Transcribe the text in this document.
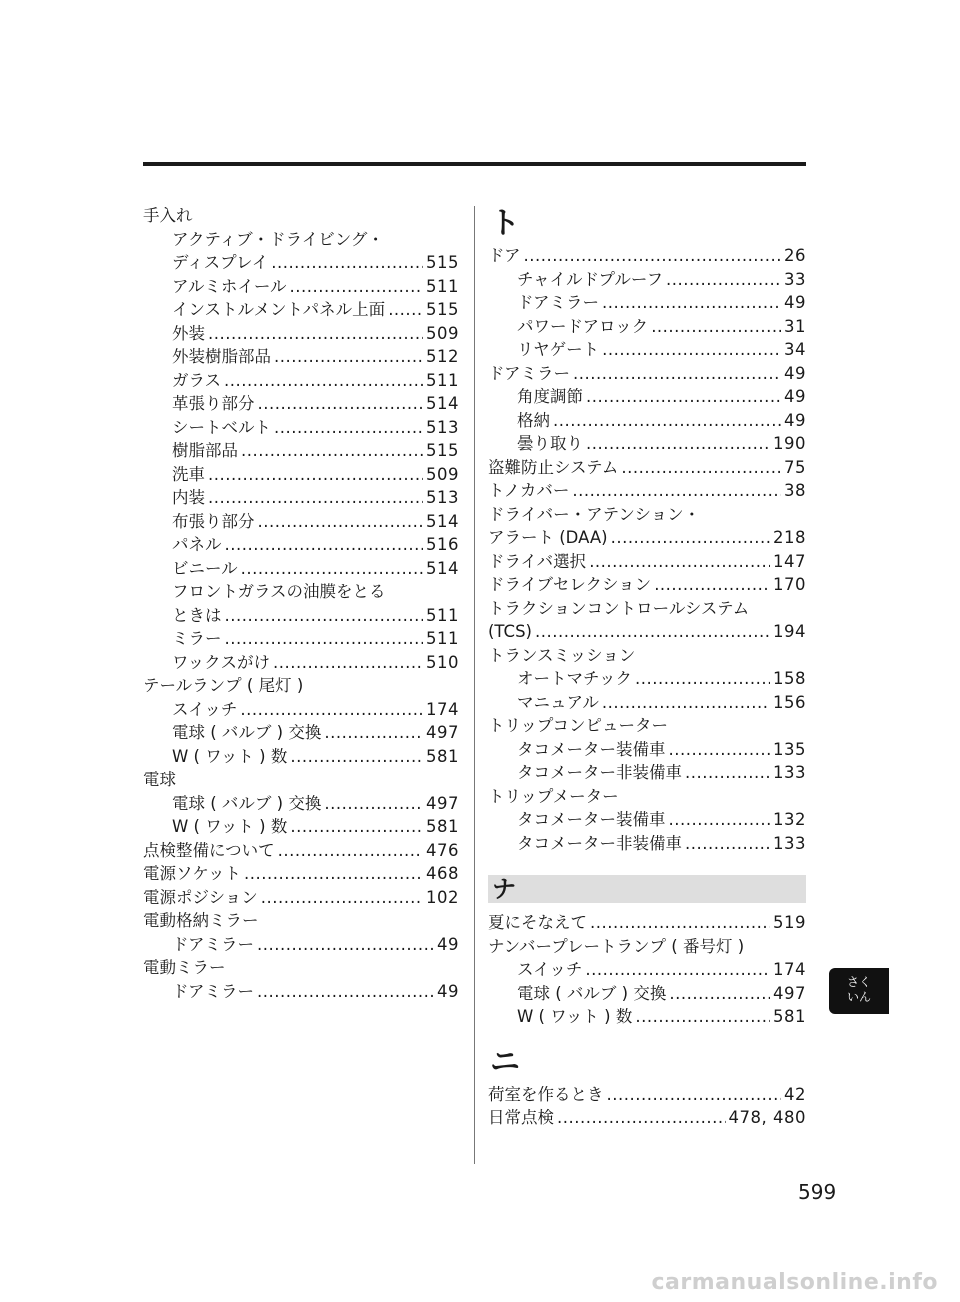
手入れ
アクティブ・ドライビング・
ディスプレイ .....	515
アルミホイール .....	511
インストルメントパネル上面 ..... 515
外装 .....	509
外装樹脂部品 .....	512
ガラス .....	511
革張り部分 .....	514
シートベルト .....	513
樹脂部品 .....	515
洗車 .....	509
内装 .....	513
布張り部分 .....	514
パネル .....	516
ビニール .....	514
フロントガラスの油膜をとる
ときは .....	511
ミラー .....	511
ワックスがけ .....	510
テールランプ ( 尾灯 )
スイッチ .....	174
電球 ( バルブ ) 交換 .....	497
W ( ワット ) 数 .....	581
電球
電球 ( バルブ ) 交換 .....	497
W ( ワット ) 数 .....	581
点検整備について .....	476
電源ソケット .....	468
電源ポジション .....	102
電動格納ミラー
ドアミラー .....	49
電動ミラー
ドアミラー .....	49
ト
ドア .....	26
チャイルドプルーフ .....	33
ドアミラー .....	49
パワードアロック .....	31
リヤゲート .....	34
ドアミラー .....	49
角度調節 .....	49
格納 .....	49
曇り取り .....	190
盗難防止システム .....	75
トノカバー .....	38
ドライバー・アテンション・
アラート (DAA) .....	218
ドライバ選択 .....	147
ドライブセレクション .....	170
トラクションコントロールシステム
(TCS) .....	194
トランスミッション
オートマチック .....	158
マニュアル .....	156
トリップコンピューター
タコメーター装備車 .....	135
タコメーター非装備車 .....	133
トリップメーター
タコメーター装備車 .....	132
タコメーター非装備車 .....	133
ナ
夏にそなえて .....	519
ナンバープレートランプ ( 番号灯 )
スイッチ .....	174
電球 ( バルブ ) 交換 .....	497
W ( ワット ) 数 .....	581
ニ
荷室を作るとき .....	42
日常点検 .....	478, 480
599
さく
いん
carmanualsonline.info
